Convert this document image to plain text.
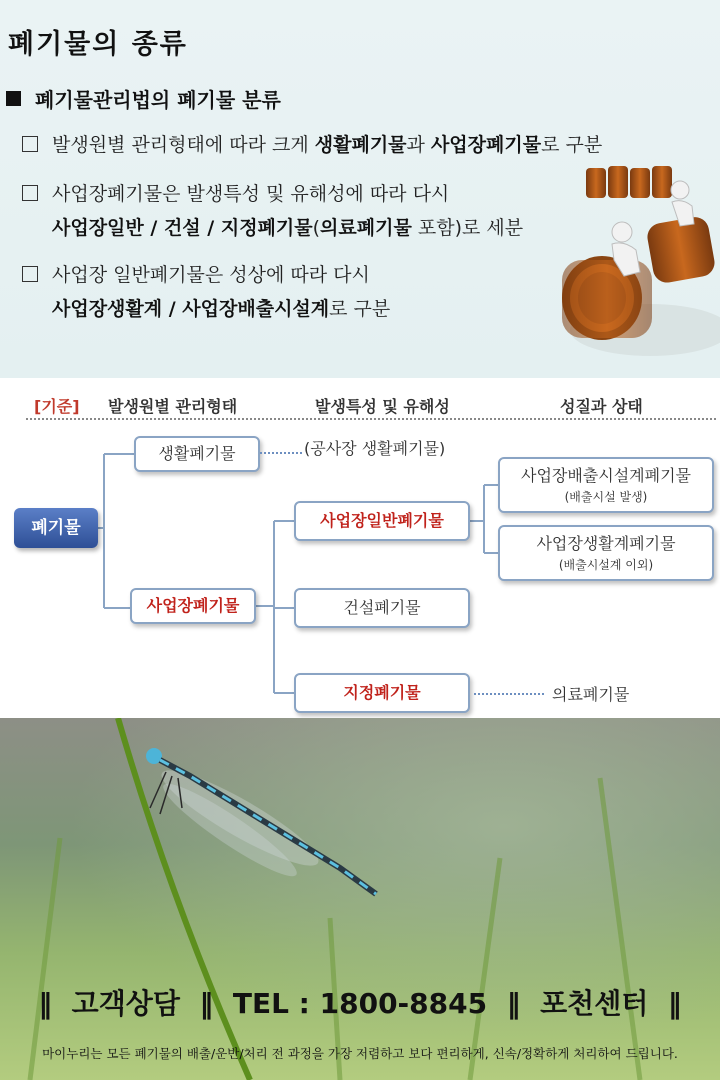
폐기물의 종류
폐기물관리법의 폐기물 분류
발생원별 관리형태에 따라 크게 생활폐기물과 사업장폐기물로 구분
사업장폐기물은 발생특성 및 유해성에 따라 다시
사업장일반 / 건설 / 지정폐기물(의료폐기물 포함)로 세분
사업장 일반폐기물은 성상에 따라 다시
사업장생활계 / 사업장배출시설계로 구분
[기준] 발생원별 관리형태	발생특성 및 유해성	성질과 상태
폐기물
생활폐기물	(공사장 생활폐기물)
사업장폐기물
사업장일반폐기물
건설폐기물
지정폐기물	의료폐기물
사업장배출시설계폐기물
(배출시설 발생)
사업장생활계폐기물
(배출시설계 이외)
‖  고객상담  ‖  TEL : 1800-8845  ‖  포천센터  ‖
마이누리는 모든 폐기물의 배출/운반/처리 전 과정을 가장 저렴하고 보다 편리하게, 신속/정확하게 처리하여 드립니다.
